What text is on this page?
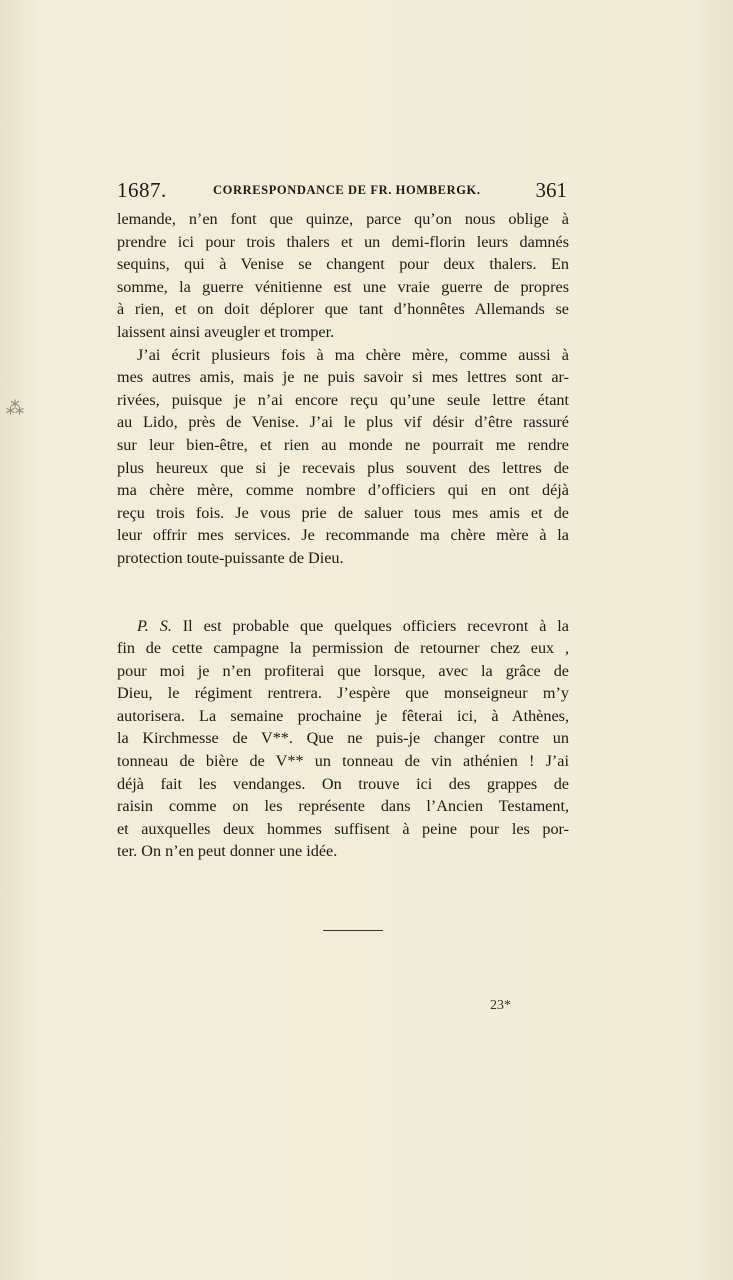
1687.	CORRESPONDANCE DE FR. HOMBERGK.	361
lemande, n’en font que quinze, parce qu’on nous oblige à
prendre ici pour trois thalers et un demi-florin leurs damnés
sequins, qui à Venise se changent pour deux thalers. En
somme, la guerre vénitienne est une vraie guerre de propres
à rien, et on doit déplorer que tant d’honnêtes Allemands se
laissent ainsi aveugler et tromper.
J’ai écrit plusieurs fois à ma chère mère, comme aussi à
mes autres amis, mais je ne puis savoir si mes lettres sont ar-
rivées, puisque je n’ai encore reçu qu’une seule lettre étant
au Lido, près de Venise. J’ai le plus vif désir d’être rassuré
sur leur bien-être, et rien au monde ne pourrait me rendre
plus heureux que si je recevais plus souvent des lettres de
ma chère mère, comme nombre d’officiers qui en ont déjà
reçu trois fois. Je vous prie de saluer tous mes amis et de
leur offrir mes services. Je recommande ma chère mère à la
protection toute-puissante de Dieu.
P. S. Il est probable que quelques officiers recevront à la
fin de cette campagne la permission de retourner chez eux ,
pour moi je n’en profiterai que lorsque, avec la grâce de
Dieu, le régiment rentrera. J’espère que monseigneur m’y
autorisera. La semaine prochaine je fêterai ici, à Athènes,
la Kirchmesse de V**. Que ne puis-je changer contre un
tonneau de bière de V** un tonneau de vin athénien ! J’ai
déjà fait les vendanges. On trouve ici des grappes de
raisin comme on les représente dans l’Ancien Testament,
et auxquelles deux hommes suffisent à peine pour les por-
ter. On n’en peut donner une idée.
23*
⁂
